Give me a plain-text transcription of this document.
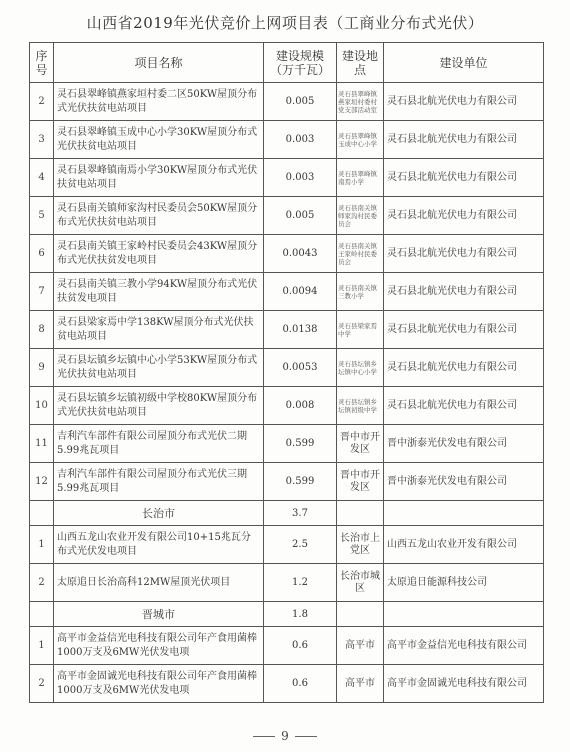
山西省2019年光伏竞价上网项目表（工商业分布式光伏）
序号	项目名称	建设规模（万千瓦）	建设地点	建设单位
2	灵石县翠峰镇燕家垣村委二区50KW屋顶分布式光伏扶贫电站项目	0.005	灵石县翠峰镇燕家垣村委村党支部活动室	灵石县北航光伏电力有限公司
3	灵石县翠峰镇玉成中心小学30KW屋顶分布式光伏扶贫电站项目	0.003	灵石县翠峰镇玉成中心小学	灵石县北航光伏电力有限公司
4	灵石县翠峰镇南焉小学30KW屋顶分布式光伏扶贫电站项目	0.003	灵石县翠峰镇南焉小学	灵石县北航光伏电力有限公司
5	灵石县南关镇师家沟村民委员会50KW屋顶分布式光伏扶贫电站项目	0.005	灵石县南关镇师家沟村民委员会	灵石县北航光伏电力有限公司
6	灵石县南关镇王家岭村民委员会43KW屋顶分布式光伏扶贫发电项目	0.0043	灵石县南关镇王家岭村民委员会	灵石县北航光伏电力有限公司
7	灵石县南关镇三教小学94KW屋顶分布式光伏扶贫发电项目	0.0094	灵石县南关镇三教小学	灵石县北航光伏电力有限公司
8	灵石县梁家焉中学138KW屋顶分布式光伏扶贫电站项目	0.0138	灵石县梁家焉中学	灵石县北航光伏电力有限公司
9	灵石县坛镇乡坛镇中心小学53KW屋顶分布式光伏扶贫电站项目	0.0053	灵石县坛镇乡坛镇中心小学	灵石县北航光伏电力有限公司
10	灵石县坛镇乡坛镇初级中学校80KW屋顶分布式光伏扶贫电站项目	0.008	灵石县坛镇乡坛镇初级中学	灵石县北航光伏电力有限公司
11	吉利汽车部件有限公司屋顶分布式光伏二期5.99兆瓦项目	0.599	晋中市开发区	晋中浙泰光伏发电有限公司
12	吉利汽车部件有限公司屋顶分布式光伏三期5.99兆瓦项目	0.599	晋中市开发区	晋中浙泰光伏发电有限公司
	长治市	3.7		
1	山西五龙山农业开发有限公司10+15兆瓦分布式光伏发电项目	2.5	长治市上党区	山西五龙山农业开发有限公司
2	太原追日长治高科12MW屋顶光伏项目	1.2	长治市城 区	太原追日能源科技公司
	晋城市	1.8		
1	高平市金益信光电科技有限公司年产食用菌棒1000万支及6MW光伏发电项	0.6	高平市	高平市金益信光电科技有限公司
2	高平市金固诚光电科技有限公司年产食用菌棒1000万支及6MW光伏发电项	0.6	高平市	高平市金固诚光电科技有限公司
9
